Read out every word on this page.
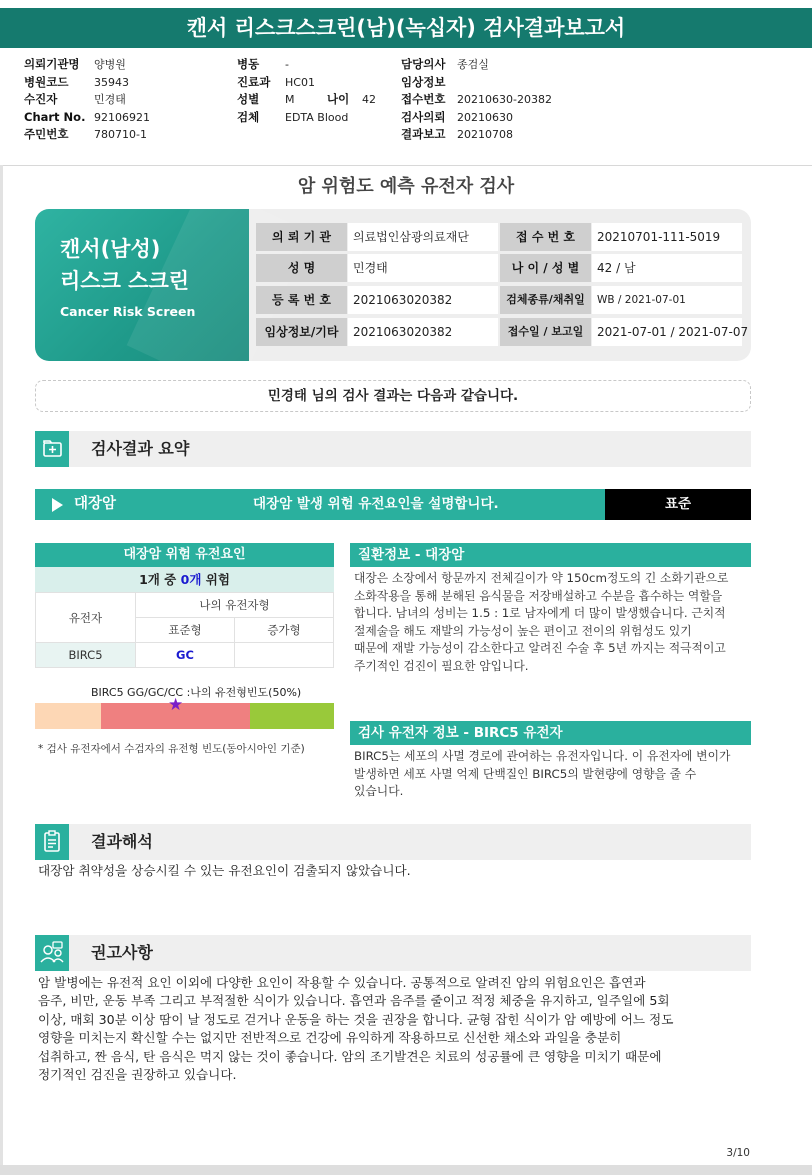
캔서 리스크스크린(남)(녹십자) 검사결과보고서
의뢰기관명 양병원
병원코드 35943
수진자	민경태
Chart No. 92106921
주민번호 780710-1
병동 -
진료과 HC01
성별 M	나이 42
검체 EDTA Blood
담당의사 종검실
임상정보
접수번호 20210630-20382
검사의뢰 20210630
결과보고 20210708
암 위험도 예측 유전자 검사
캔서(남성)
리스크 스크린
Cancer Risk Screen
의 뢰 기 관	의료법인삼광의료재단
성 명	민경태
등 록 번 호	2021063020382
임상정보/기타	2021063020382
접 수 번 호	20210701-111-5019
나 이 / 성 별	42 / 남
검체종류/채취일	WB / 2021-07-01
접수일 / 보고일	2021-07-01 / 2021-07-07
민경태 님의 검사 결과는 다음과 같습니다.
검사결과 요약
대장암	대장암 발생 위험 유전요인을 설명합니다.	표준
대장암 위험 유전요인
1개 중 0개 위험
유전자	나의 유전자형	
	표준형	증가형
BIRC5	GC	
BIRC5 GG/GC/CC :나의 유전형빈도(50%)
★
* 검사 유전자에서 수검자의 유전형 빈도(동아시아인 기준)
질환정보 - 대장암
대장은 소장에서 항문까지 전체길이가 약 150cm정도의 긴 소화기관으로
소화작용을 통해 분해된 음식물을 저장배설하고 수분을 흡수하는 역할을
합니다. 남녀의 성비는 1.5 : 1로 남자에게 더 많이 발생했습니다. 근치적
절제술을 해도 재발의 가능성이 높은 편이고 전이의 위험성도 있기
때문에 재발 가능성이 감소한다고 알려진 수술 후 5년 까지는 적극적이고
주기적인 검진이 필요한 암입니다.
검사 유전자 정보 - BIRC5 유전자
BIRC5는 세포의 사멸 경로에 관여하는 유전자입니다. 이 유전자에 변이가
발생하면 세포 사멸 억제 단백질인 BIRC5의 발현량에 영향을 줄 수
있습니다.
결과해석
대장암 취약성을 상승시킬 수 있는 유전요인이 검출되지 않았습니다.
권고사항
암 발병에는 유전적 요인 이외에 다양한 요인이 작용할 수 있습니다. 공통적으로 알려진 암의 위험요인은 흡연과
음주, 비만, 운동 부족 그리고 부적절한 식이가 있습니다. 흡연과 음주를 줄이고 적정 체중을 유지하고, 일주일에 5회
이상, 매회 30분 이상 땀이 날 정도로 걷거나 운동을 하는 것을 권장을 합니다. 균형 잡힌 식이가 암 예방에 어느 정도
영향을 미치는지 확신할 수는 없지만 전반적으로 건강에 유익하게 작용하므로 신선한 채소와 과일을 충분히
섭취하고, 짠 음식, 탄 음식은 먹지 않는 것이 좋습니다. 암의 조기발견은 치료의 성공률에 큰 영향을 미치기 때문에
정기적인 검진을 권장하고 있습니다.
3/10
